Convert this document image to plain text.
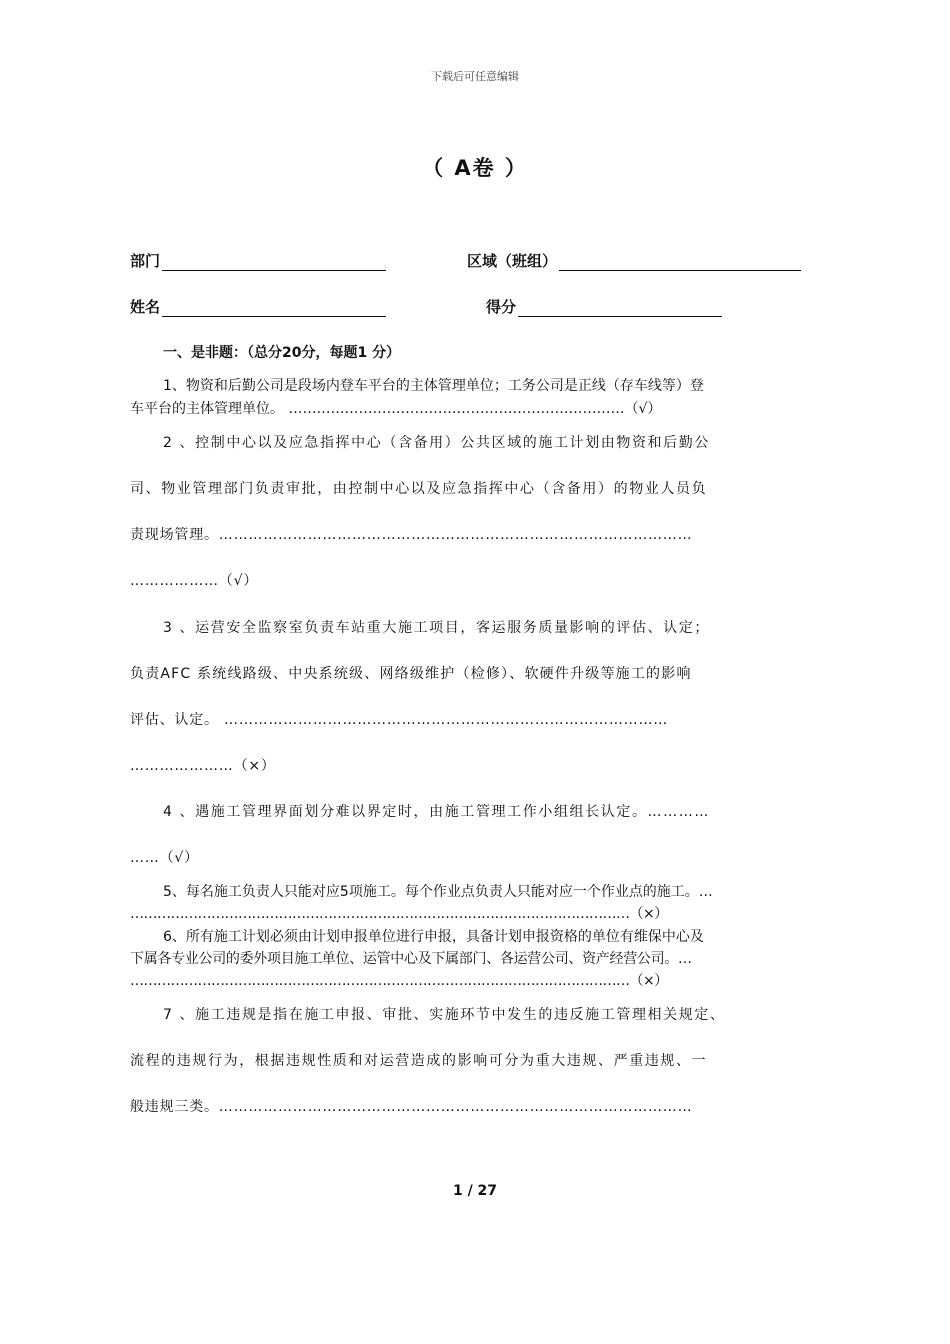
下载后可任意编辑
（ A卷 ）
部门	区域（班组）
姓名	得分
一、是非题：（总分20分，每题1 分）
1、物资和后勤公司是段场内登车平台的主体管理单位；工务公司是正线（存车线等）登
车平台的主体管理单位。 ………………………………………………………………（√）
2 、控制中心以及应急指挥中心（含备用）公共区域的施工计划由物资和后勤公
司、物业管理部门负责审批，由控制中心以及应急指挥中心（含备用）的物业人员负
责现场管理。……………………………………………………………………………………
………………（√）
3 、运营安全监察室负责车站重大施工项目，客运服务质量影响的评估、认定；
负责AFC 系统线路级、中央系统级、网络级维护（检修）、软硬件升级等施工的影响
评估、认定。 ………………………………………………………………………………
…………………（×）
4 、遇施工管理界面划分难以界定时，由施工管理工作小组组长认定。…………
……（√）
5、每名施工负责人只能对应5项施工。每个作业点负责人只能对应一个作业点的施工。…
…………………………………………………………………………………………………（×）
6、所有施工计划必须由计划申报单位进行申报，具备计划申报资格的单位有维保中心及
下属各专业公司的委外项目施工单位、运管中心及下属部门、各运营公司、资产经营公司。…
…………………………………………………………………………………………………（×）
7 、施工违规是指在施工申报、审批、实施环节中发生的违反施工管理相关规定、
流程的违规行为，根据违规性质和对运营造成的影响可分为重大违规、严重违规、一
般违规三类。……………………………………………………………………………………
1 / 27
